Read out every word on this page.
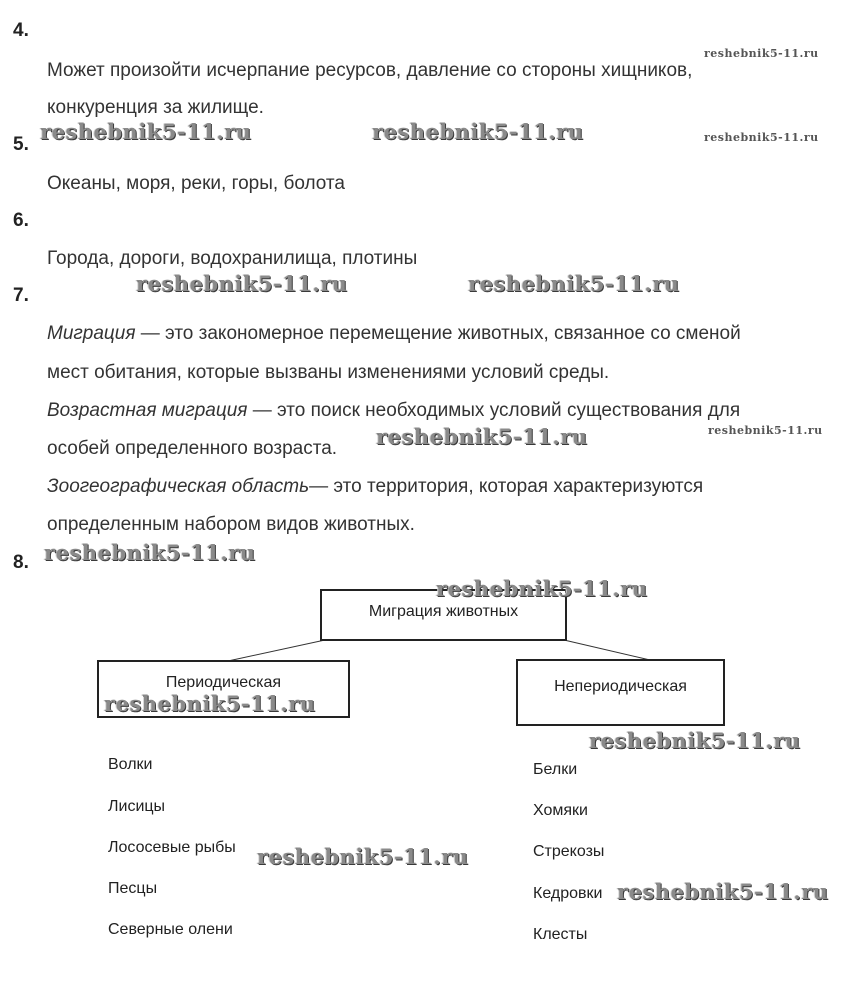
4.
Может произойти исчерпание ресурсов, давление со стороны хищников,
конкуренция за жилище.
5.
Океаны, моря, реки, горы, болота
6.
Города, дороги, водохранилища, плотины
7.
Миграция — это закономерное перемещение животных, связанное со сменой
мест обитания, которые вызваны изменениями условий среды.
Возрастная миграция — это поиск необходимых условий существования для
особей определенного возраста.
Зоогеографическая область— это территория, которая характеризуются
определенным набором видов животных.
8.
Миграция животных
Периодическая	Непериодическая
Волки
Лисицы
Лососевые рыбы
Песцы
Северные олени
Белки
Хомяки
Стрекозы
Кедровки
Клесты
reshebnik5-11.ru
reshebnik5-11.ru
reshebnik5-11.ru
reshebnik5-11.ru	reshebnik5-11.ru
reshebnik5-11.ru	reshebnik5-11.ru
reshebnik5-11.ru
reshebnik5-11.ru
reshebnik5-11.ru
reshebnik5-11.ru
reshebnik5-11.ru
reshebnik5-11.ru
reshebnik5-11.ru
